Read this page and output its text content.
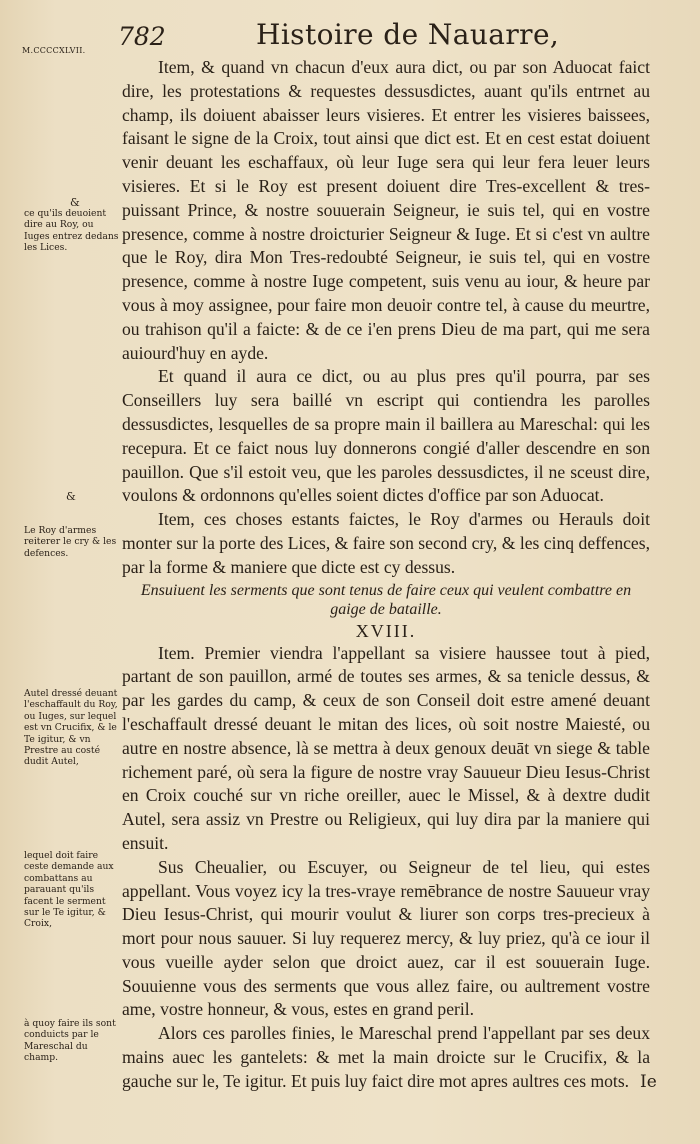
M.CCCCXLVII. 782	Histoire de Nauarre,
&
ce qu'ils deuoient dire au Roy, ou Iuges entrez dedans les Lices.
&
Le Roy d'armes reiterer le cry & les defences.
Autel dressé deuant l'eschaffault du Roy, ou Iuges, sur lequel est vn Crucifix, & le Te igitur, & vn Prestre au costé dudit Autel,
lequel doit faire ceste demande aux combattans au parauant qu'ils facent le serment sur le Te igitur, & Croix,
à quoy faire ils sont conduicts par le Mareschal du champ.

Item, & quand vn chacun d'eux aura dict, ou par son Aduocat faict dire, les protestations & requestes dessusdictes, auant qu'ils entrnet au champ, ils doiuent abaisser leurs visieres. Et entrer les visieres baissees, faisant le signe de la Croix, tout ainsi que dict est. Et en cest estat doiuent venir deuant les eschaffaux, où leur Iuge sera qui leur fera leuer leurs visieres. Et si le Roy est present doiuent dire Tres-excellent & tres-puissant Prince, & nostre souuerain Seigneur, ie suis tel, qui en vostre presence, comme à nostre droicturier Seigneur & Iuge. Et si c'est vn aultre que le Roy, dira Mon Tres-redoubté Seigneur, ie suis tel, qui en vostre presence, comme à nostre Iuge competent, suis venu au iour, & heure par vous à moy assignee, pour faire mon deuoir contre tel, à cause du meurtre, ou trahison qu'il a faicte: & de ce i'en prens Dieu de ma part, qui me sera auiourd'huy en ayde.

Et quand il aura ce dict, ou au plus pres qu'il pourra, par ses Conseillers luy sera baillé vn escript qui contiendra les parolles dessusdictes, lesquelles de sa propre main il baillera au Mareschal: qui les recepura. Et ce faict nous luy donnerons congié d'aller descendre en son pauillon. Que s'il estoit veu, que les paroles dessusdictes, il ne sceust dire, voulons & ordonnons qu'elles soient dictes d'office par son Aduocat.

Item, ces choses estants faictes, le Roy d'armes ou Herauls doit monter sur la porte des Lices, & faire son second cry, & les cinq deffences, par la forme & maniere que dicte est cy dessus.

Ensuiuent les serments que sont tenus de faire ceux qui veulent combattre en gaige de bataille.
XVIII.

Item. Premier viendra l'appellant sa visiere haussee tout à pied, partant de son pauillon, armé de toutes ses armes, & sa tenicle dessus, & par les gardes du camp, & ceux de son Conseil doit estre amené deuant l'eschaffault dressé deuant le mitan des lices, où soit nostre Maiesté, ou autre en nostre absence, là se mettra à deux genoux deuāt vn siege & table richement paré, où sera la figure de nostre vray Sauueur Dieu Iesus-Christ en Croix couché sur vn riche oreiller, auec le Missel, & à dextre dudit Autel, sera assiz vn Prestre ou Religieux, qui luy dira par la maniere qui ensuit.

Sus Cheualier, ou Escuyer, ou Seigneur de tel lieu, qui estes appellant. Vous voyez icy la tres-vraye remēbrance de nostre Sauueur vray Dieu Iesus-Christ, qui mourir voulut & liurer son corps tres-precieux à mort pour nous sauuer. Si luy requerez mercy, & luy priez, qu'à ce iour il vous vueille ayder selon que droict auez, car il est souuerain Iuge. Souuienne vous des serments que vous allez faire, ou aultrement vostre ame, vostre honneur, & vous, estes en grand peril.

Alors ces parolles finies, le Mareschal prend l'appellant par ses deux mains auec les gantelets: & met la main droicte sur le Crucifix, & la gauche sur le, Te igitur. Et puis luy faict dire mot apres aultres ces mots. Ie
